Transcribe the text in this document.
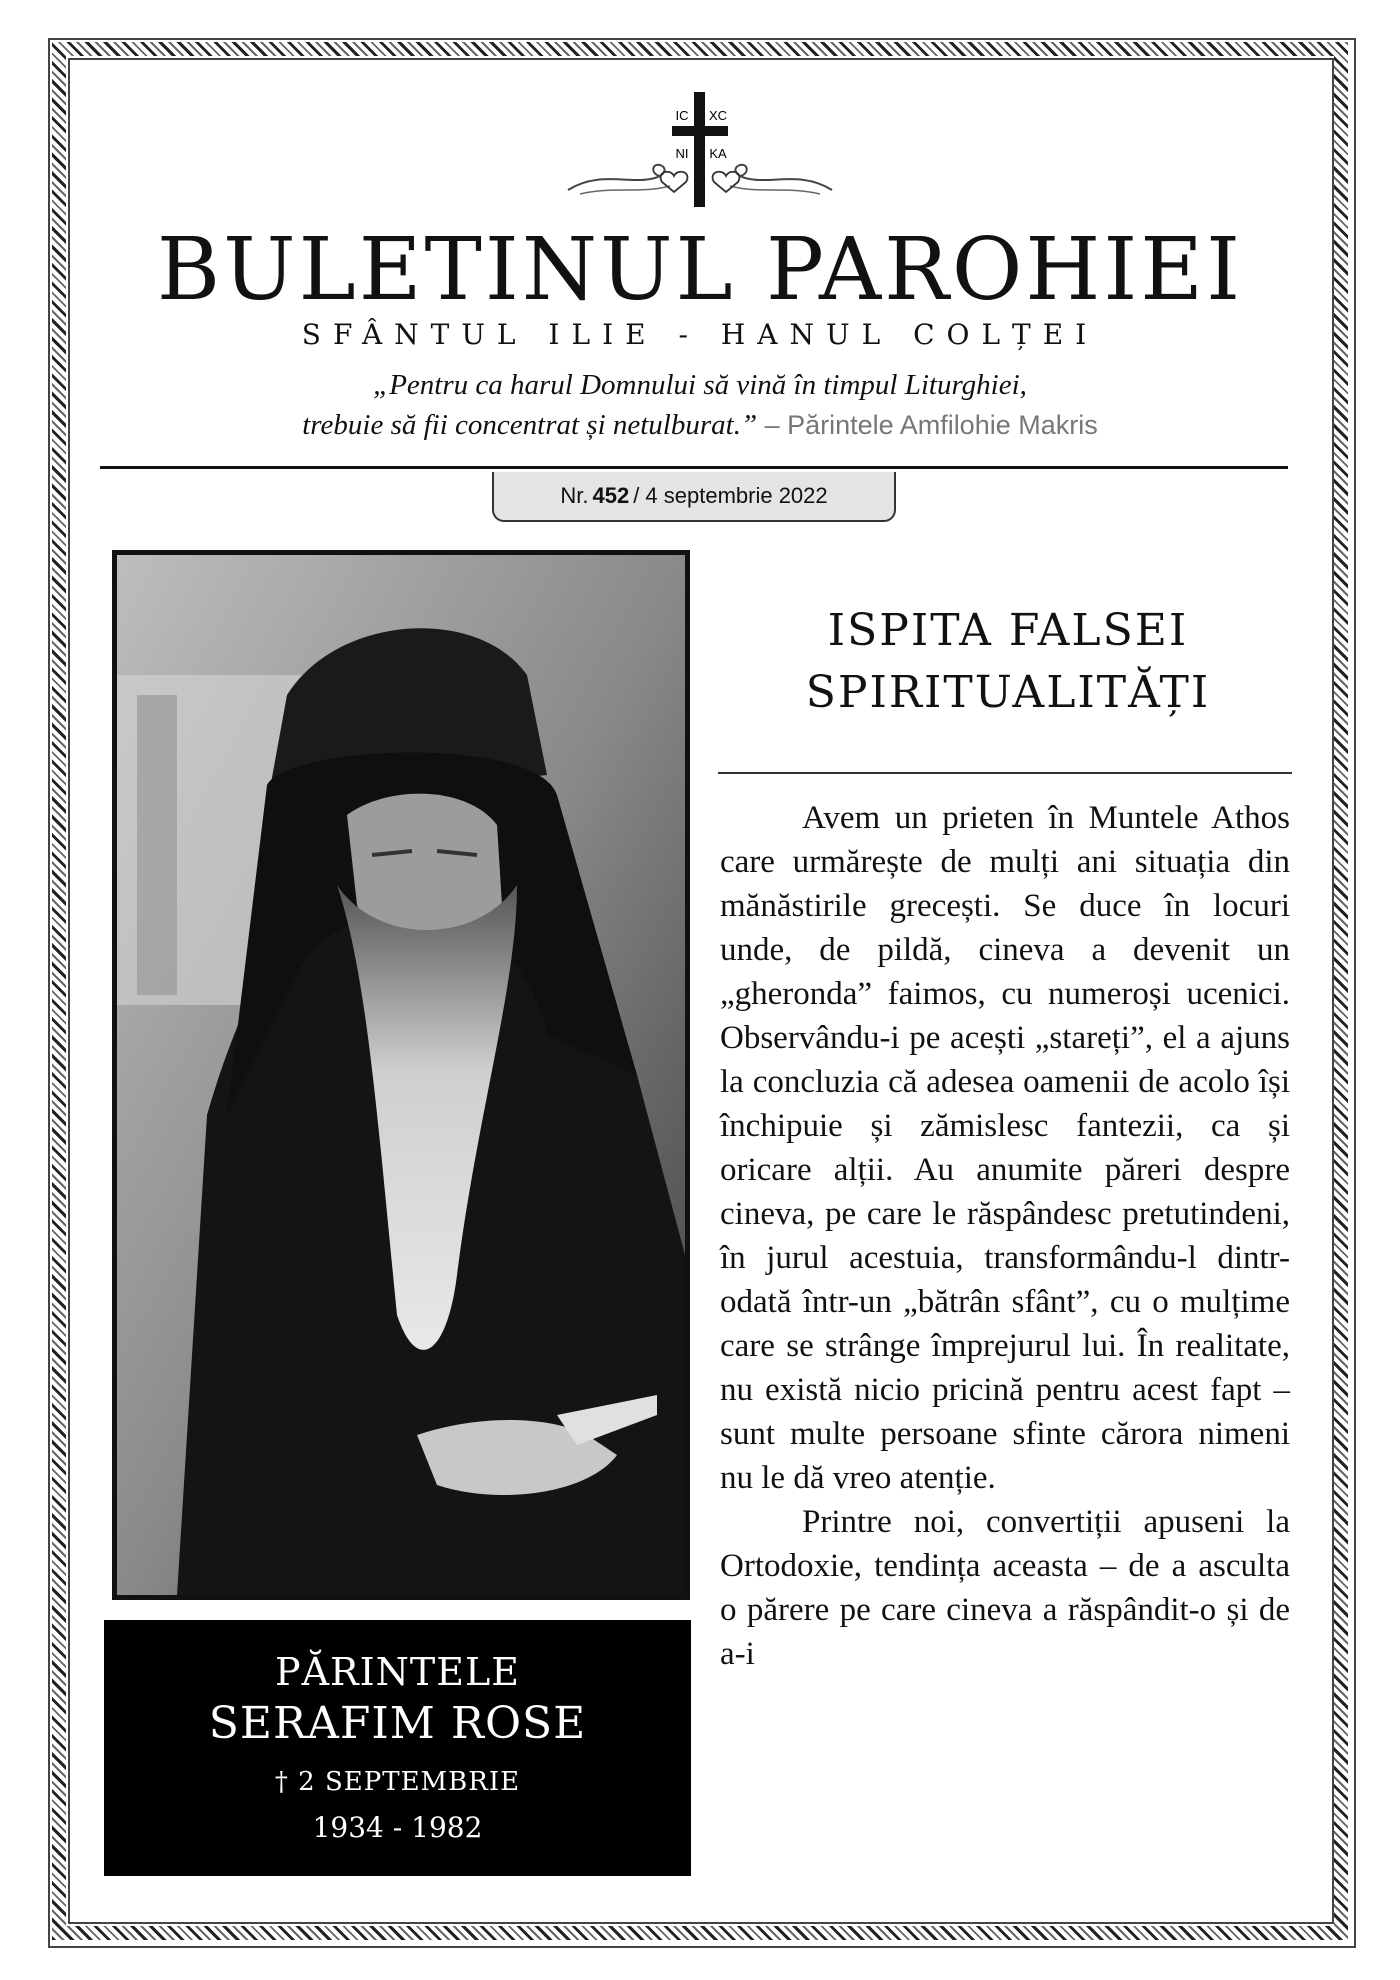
IC XC
NI KA
BULETINUL PAROHIEI
SFÂNTUL ILIE - HANUL COLȚEI
„Pentru ca harul Domnului să vină în timpul Liturghiei,
trebuie să fii concentrat și netulburat.” – Părintele Amfilohie Makris
Nr. 452 / 4 septembrie 2022
PĂRINTELE
SERAFIM ROSE
† 2 SEPTEMBRIE
1934 - 1982
ISPITA FALSEI
SPIRITUALITĂȚI

Avem un prieten în Muntele Athos care urmărește de mulți ani situația din mănăstirile grecești. Se duce în locuri unde, de pildă, cineva a devenit un „gheronda” faimos, cu numeroși ucenici. Observându-i pe acești „stareți”, el a ajuns la concluzia că adesea oamenii de acolo își închipuie și zămislesc fantezii, ca și oricare alții. Au anumite păreri despre cineva, pe care le răspândesc pretutindeni, în jurul acestuia, transformându-l dintr-odată într-un „bătrân sfânt”, cu o mulțime care se strânge împrejurul lui. În realitate, nu există nicio pricină pentru acest fapt – sunt multe persoane sfinte cărora nimeni nu le dă vreo atenție.

Printre noi, convertiții apuseni la Ortodoxie, tendința aceasta – de a asculta o părere pe care cineva a răspândit-o și de a-i
